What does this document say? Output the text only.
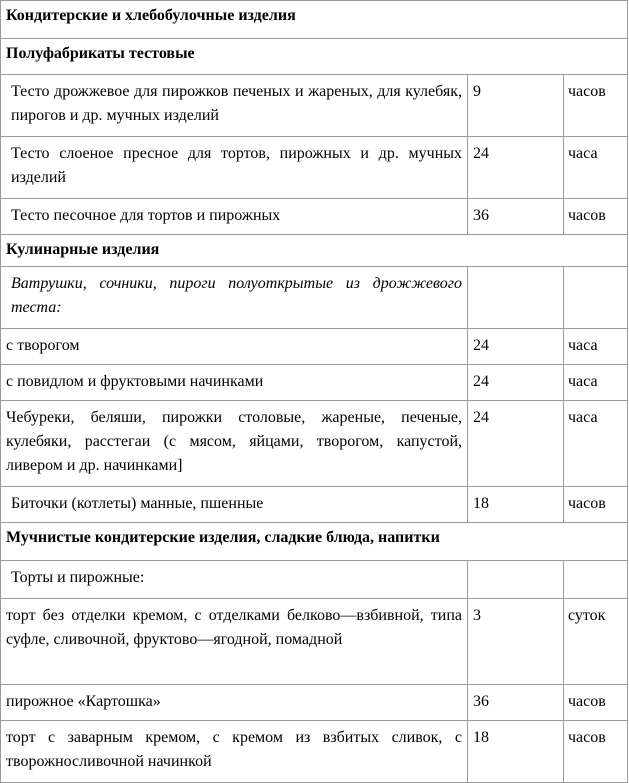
Кондитерские и хлебобулочные изделия		
Полуфабрикаты тестовые		
Тесто дрожжевое для пирожков печеных и жареных, для кулебяк, пирогов и др. мучных изделий	9	часов
Тесто слоеное пресное для тортов, пирожных и др. мучных изделий	24	часа
Тесто песочное для тортов и пирожных	36	часов
Кулинарные изделия		
Ватрушки, сочники, пироги полуоткрытые из дрожжевого теста:		
с творогом	24	часа
с повидлом и фруктовыми начинками	24	часа
Чебуреки, беляши, пирожки столовые, жареные, печеные, кулебяки, расстегаи (с мясом, яйцами, творогом, капустой, ливером и др. начинками]	24	часа
Биточки (котлеты) манные, пшенные	18	часов
Мучнистые кондитерские изделия, сладкие блюда, напитки		
Торты и пирожные:		
торт без отделки кремом, с отделками белково—взбивной, типа суфле, сливочной, фруктово—ягодной, помадной	3	суток
пирожное «Картошка»	36	часов
торт с заварным кремом, с кремом из взбитых сливок, с творожносливочной начинкой	18	часов
